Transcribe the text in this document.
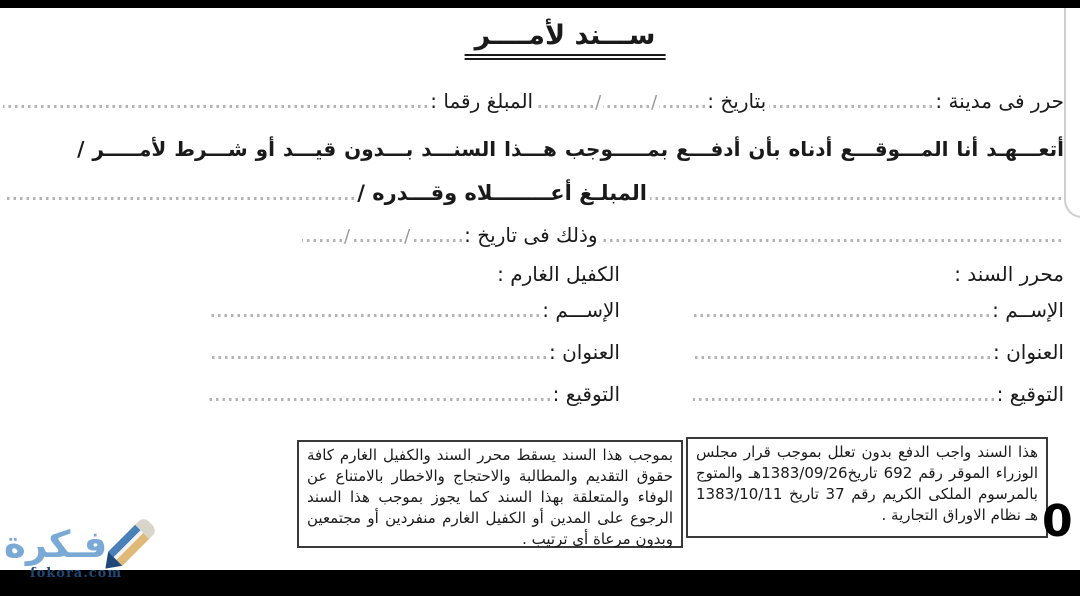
ســـند لأمــــر
حرر فى مدينة :
بتاريخ :
/
/
المبلغ رقما :
أتعـــهـد أنا المـــوقـــع أدناه بأن أدفـــع بمـــــوجب هـــذا السنـــد بـــدون قيـــد أو شـــرط لأمـــــر /
المبلـغ أعــــــــلاه وقـــدره /
وذلك فى تاريخ :
/
/
محرر السند :
الإســم :
العنوان :
التوقيع :
الكفيل الغارم :
الإســـم :
العنوان :
التوقيع :
هذا السند واجب الدفع بدون تعلل بموجب قرار مجلس الوزراء الموقر رقم 692 تاريخ1383/09/26هـ والمتوج بالمرسوم الملكى الكريم رقم 37 تاريخ 1383/10/11 هـ نظام الاوراق التجارية .
بموجب هذا السند يسقط محرر السند والكفيل الغارم كافة حقوق التقديم والمطالبة والاحتجاج والاخطار بالامتناع عن الوفاء والمتعلقة بهذا السند كما يجوز بموجب هذا السند الرجوع على المدين أو الكفيل الغارم منفردين أو مجتمعين وبدون مرعاة أى ترتيب .	0
فـكرة
fokora.com
